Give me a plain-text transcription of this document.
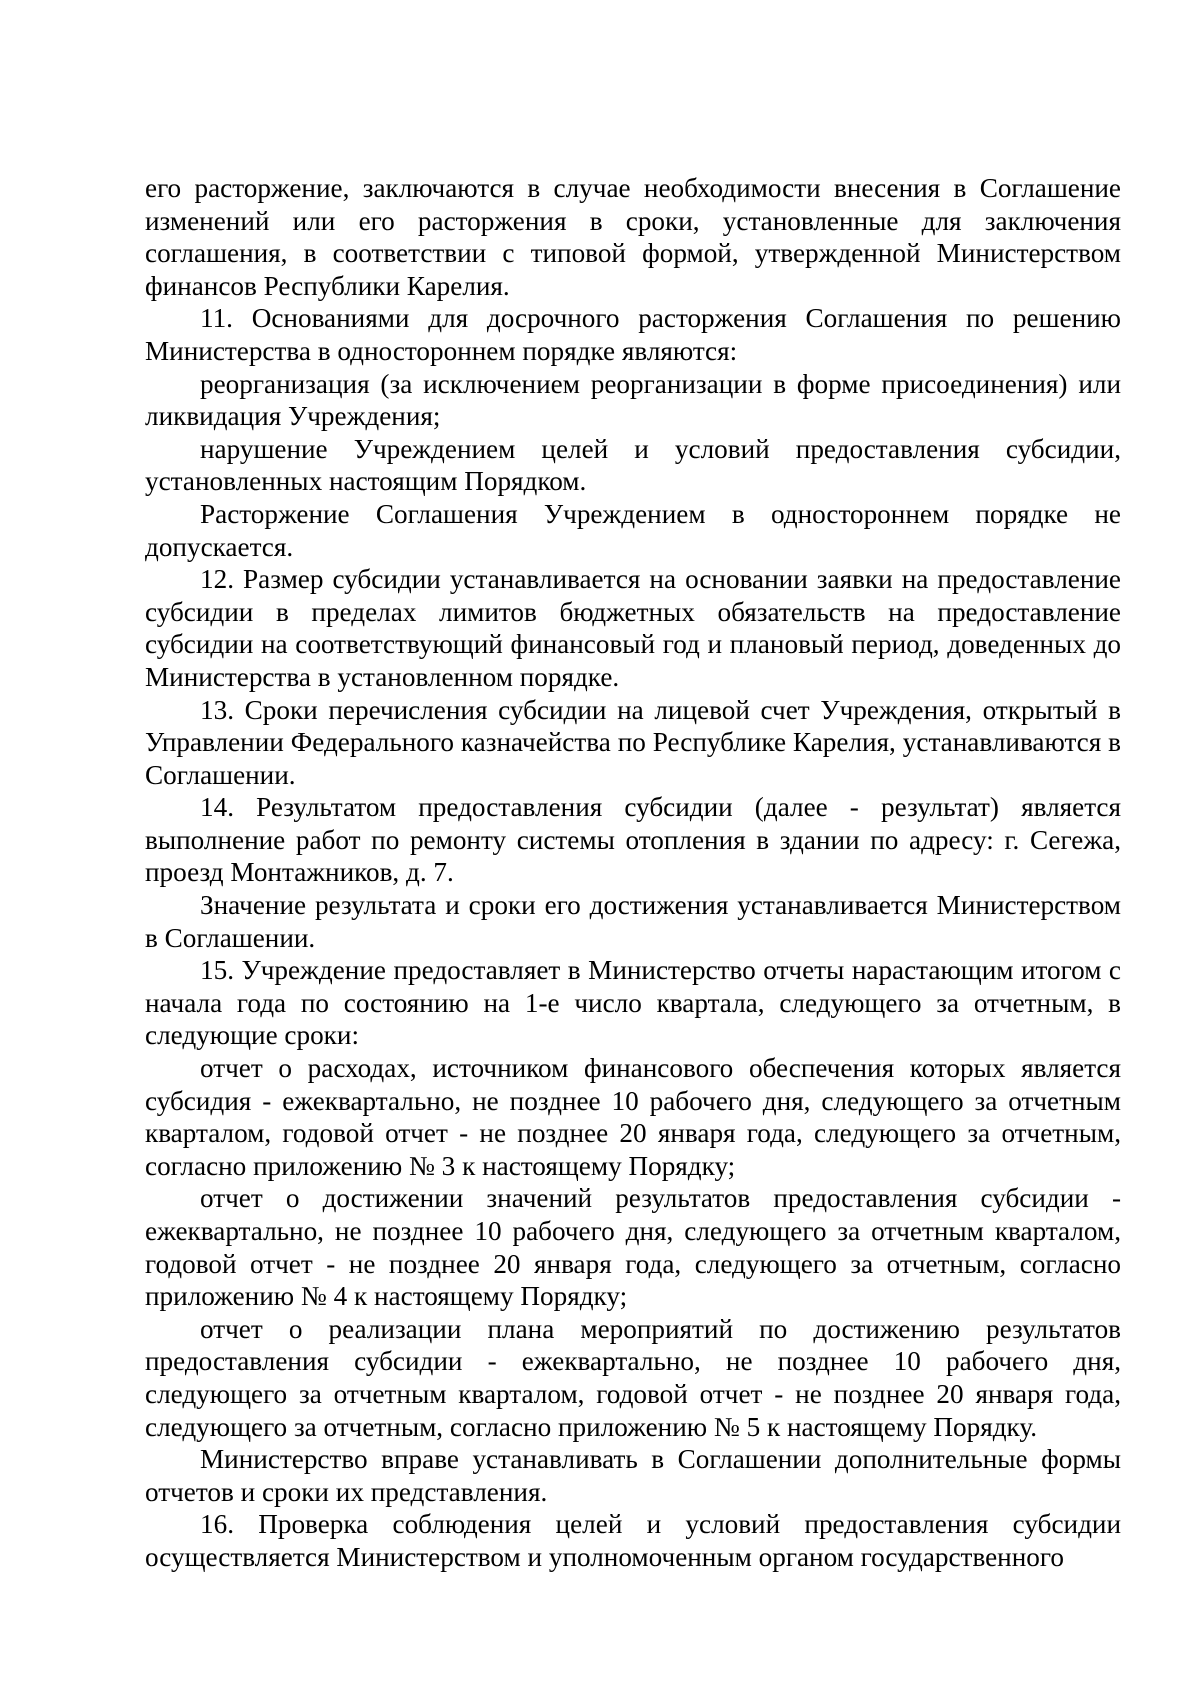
его расторжение, заключаются в случае необходимости внесения в Соглашение изменений или его расторжения в сроки, установленные для заключения соглашения, в соответствии с типовой формой, утвержденной Министерством финансов Республики Карелия.

11. Основаниями для досрочного расторжения Соглашения по решению Министерства в одностороннем порядке являются:

реорганизация (за исключением реорганизации в форме присоединения) или ликвидация Учреждения;

нарушение Учреждением целей и условий предоставления субсидии, установленных настоящим Порядком.

Расторжение Соглашения Учреждением в одностороннем порядке не допускается.

12. Размер субсидии устанавливается на основании заявки на предоставление субсидии в пределах лимитов бюджетных обязательств на предоставление субсидии на соответствующий финансовый год и плановый период, доведенных до Министерства в установленном порядке.

13. Сроки перечисления субсидии на лицевой счет Учреждения, открытый в Управлении Федерального казначейства по Республике Карелия, устанавливаются в Соглашении.

14. Результатом предоставления субсидии (далее - результат) является выполнение работ по ремонту системы отопления в здании по адресу: г. Сегежа, проезд Монтажников, д. 7.

Значение результата и сроки его достижения устанавливается Министерством в Соглашении.

15. Учреждение предоставляет в Министерство отчеты нарастающим итогом с начала года по состоянию на 1-е число квартала, следующего за отчетным, в следующие сроки:

отчет о расходах, источником финансового обеспечения которых является субсидия - ежеквартально, не позднее 10 рабочего дня, следующего за отчетным кварталом, годовой отчет - не позднее 20 января года, следующего за отчетным, согласно приложению № 3 к настоящему Порядку;

отчет о достижении значений результатов предоставления субсидии - ежеквартально, не позднее 10 рабочего дня, следующего за отчетным кварталом, годовой отчет - не позднее 20 января года, следующего за отчетным, согласно приложению № 4 к настоящему Порядку;

отчет о реализации плана мероприятий по достижению результатов предоставления субсидии - ежеквартально, не позднее 10 рабочего дня, следующего за отчетным кварталом, годовой отчет - не позднее 20 января года, следующего за отчетным, согласно приложению № 5 к настоящему Порядку.

Министерство вправе устанавливать в Соглашении дополнительные формы отчетов и сроки их представления.

16. Проверка соблюдения целей и условий предоставления субсидии осуществляется Министерством и уполномоченным органом государственного
